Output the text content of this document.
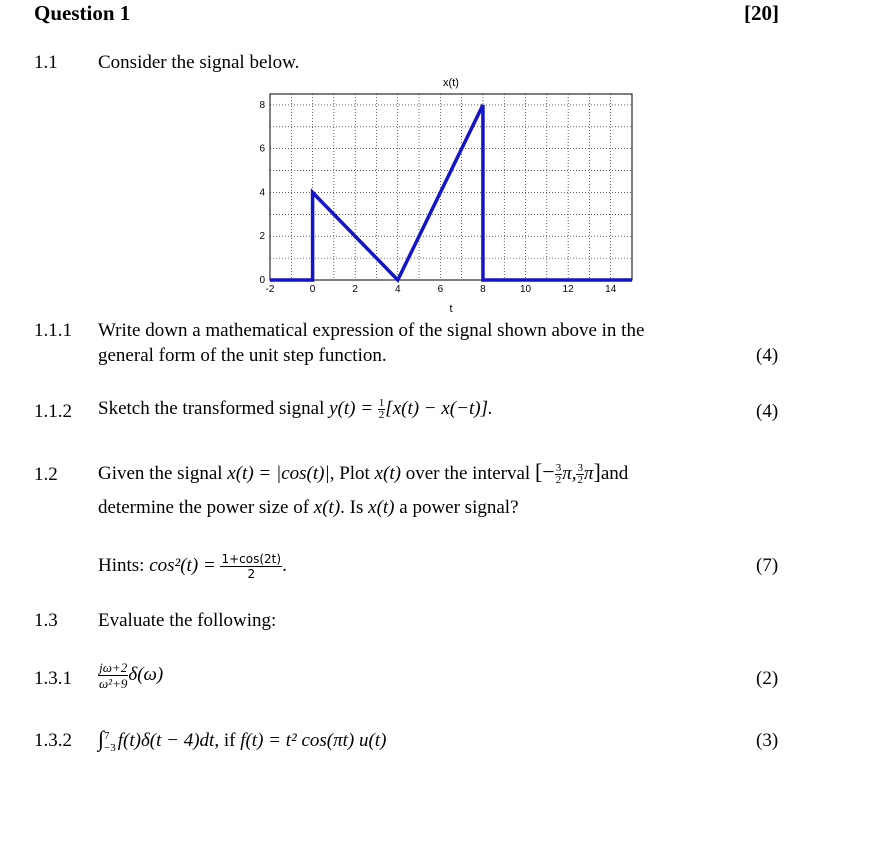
Question 1	[20]
1.1 Consider the signal below.
x(t)
-2	0	2	4	6	8	10	12	14
0
2
4
6
8
t
1.1.1 Write down a mathematical expression of the signal shown above in the
general form of the unit step function.	(4)
1.1.2 Sketch the transformed signal $y(t) = \frac{1}{2} [x(t) - x(-t)]$.	(4)
1.2 Given the signal x(t) = |cos(t)|, Plot x(t) over the interval [− $\frac{3}{2} \pi$, $\frac{3}{2} \pi]and$
determine the power size of x(t). Is x(t) a power signal?
Hints: $\cos^2(t) = \frac{1+\cos(2t)}{2}$ .	(7)
1.3 Evaluate the following:
$1.3.1 \frac{j\omega+2}{\text{ω²+9}} \delta(\omega)$	(2)
1.3.2 ∫ 7
−3 f(t)δ(t − 4)dt, if f(t) = t² cos(πt) u(t)	(3)
